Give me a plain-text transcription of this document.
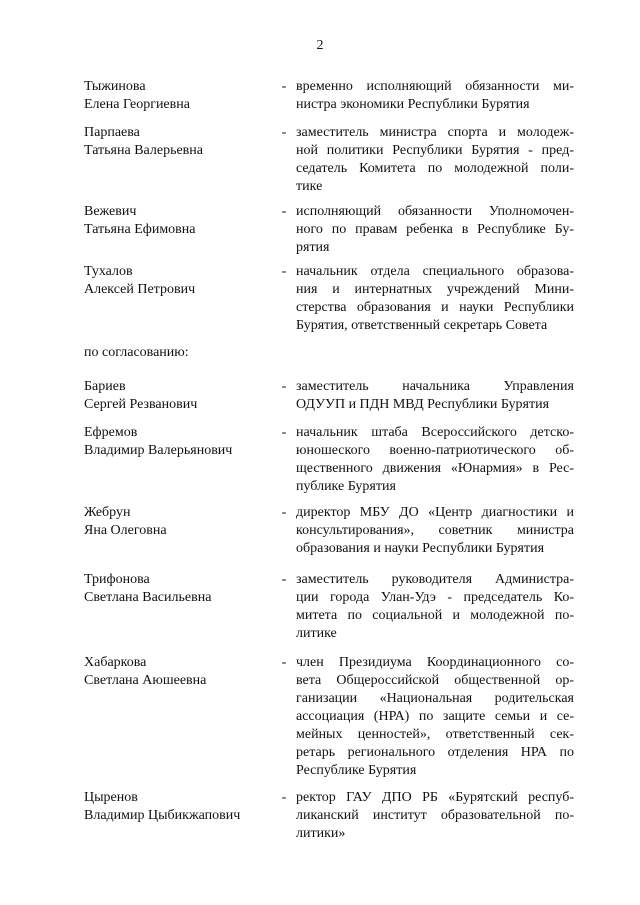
2
Тыжинова
Елена Георгиевна
- временно исполняющий обязанности ми-
нистра экономики Республики Бурятия
Парпаева
Татьяна Валерьевна
- заместитель министра спорта и молодеж-
ной политики Республики Бурятия - пред-
седатель Комитета по молодежной поли-
тике
Вежевич
Татьяна Ефимовна
- исполняющий обязанности Уполномочен-
ного по правам ребенка в Республике Бу-
рятия
Тухалов
Алексей Петрович
- начальник отдела специального образова-
ния и интернатных учреждений Мини-
стерства образования и науки Республики
Бурятия, ответственный секретарь Совета
по согласованию:
Бариев
Сергей Резванович
- заместитель начальника Управления
ОДУУП и ПДН МВД Республики Бурятия
Ефремов
Владимир Валерьянович
- начальник штаба Всероссийского детско-
юношеского военно-патриотического об-
щественного движения «Юнармия» в Рес-
публике Бурятия
Жебрун
Яна Олеговна
- директор МБУ ДО «Центр диагностики и
консультирования», советник министра
образования и науки Республики Бурятия
Трифонова
Светлана Васильевна
- заместитель руководителя Администра-
ции города Улан-Удэ - председатель Ко-
митета по социальной и молодежной по-
литике
Хабаркова
Светлана Аюшеевна
- член Президиума Координационного со-
вета Общероссийской общественной ор-
ганизации «Национальная родительская
ассоциация (НРА) по защите семьи и се-
мейных ценностей», ответственный сек-
ретарь регионального отделения НРА по
Республике Бурятия
Цыренов
Владимир Цыбикжапович
- ректор ГАУ ДПО РБ «Бурятский респуб-
ликанский институт образовательной по-
литики»
